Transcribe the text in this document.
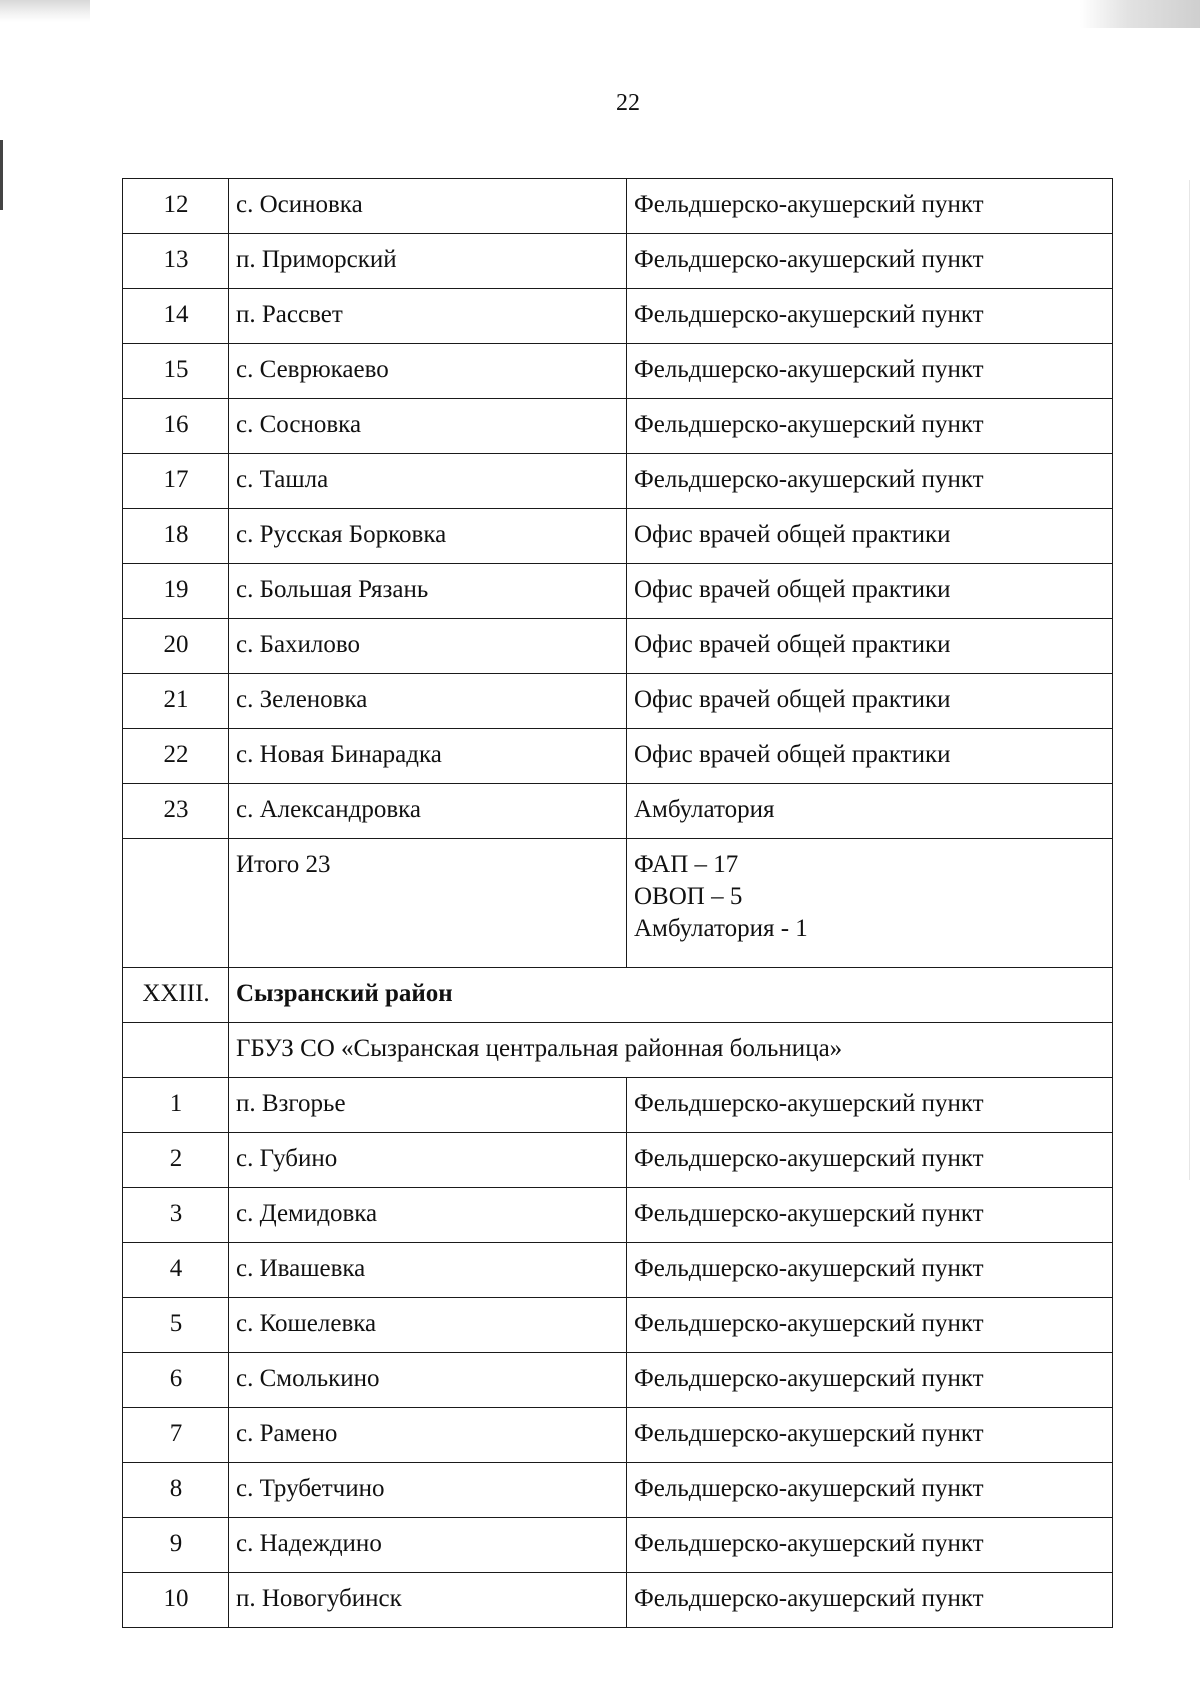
22
12	с. Осиновка	Фельдшерско-акушерский пункт
13	п. Приморский	Фельдшерско-акушерский пункт
14	п. Рассвет	Фельдшерско-акушерский пункт
15	с. Севрюкаево	Фельдшерско-акушерский пункт
16	с. Сосновка	Фельдшерско-акушерский пункт
17	с. Ташла	Фельдшерско-акушерский пункт
18	с. Русская Борковка	Офис врачей общей практики
19	с. Большая Рязань	Офис врачей общей практики
20	с. Бахилово	Офис врачей общей практики
21	с. Зеленовка	Офис врачей общей практики
22	с. Новая Бинарадка	Офис врачей общей практики
23	с. Александровка	Амбулатория
	Итого 23	ФАП – 17
ОВОП – 5
Амбулатория - 1

XXIII.	Сызранский район	
	ГБУЗ СО «Сызранская центральная районная больница»	
1	п. Взгорье	Фельдшерско-акушерский пункт
2	с. Губино	Фельдшерско-акушерский пункт
3	с. Демидовка	Фельдшерско-акушерский пункт
4	с. Ивашевка	Фельдшерско-акушерский пункт
5	с. Кошелевка	Фельдшерско-акушерский пункт
6	с. Смолькино	Фельдшерско-акушерский пункт
7	с. Рамено	Фельдшерско-акушерский пункт
8	с. Трубетчино	Фельдшерско-акушерский пункт
9	с. Надеждино	Фельдшерско-акушерский пункт
10	п. Новогубинск	Фельдшерско-акушерский пункт
